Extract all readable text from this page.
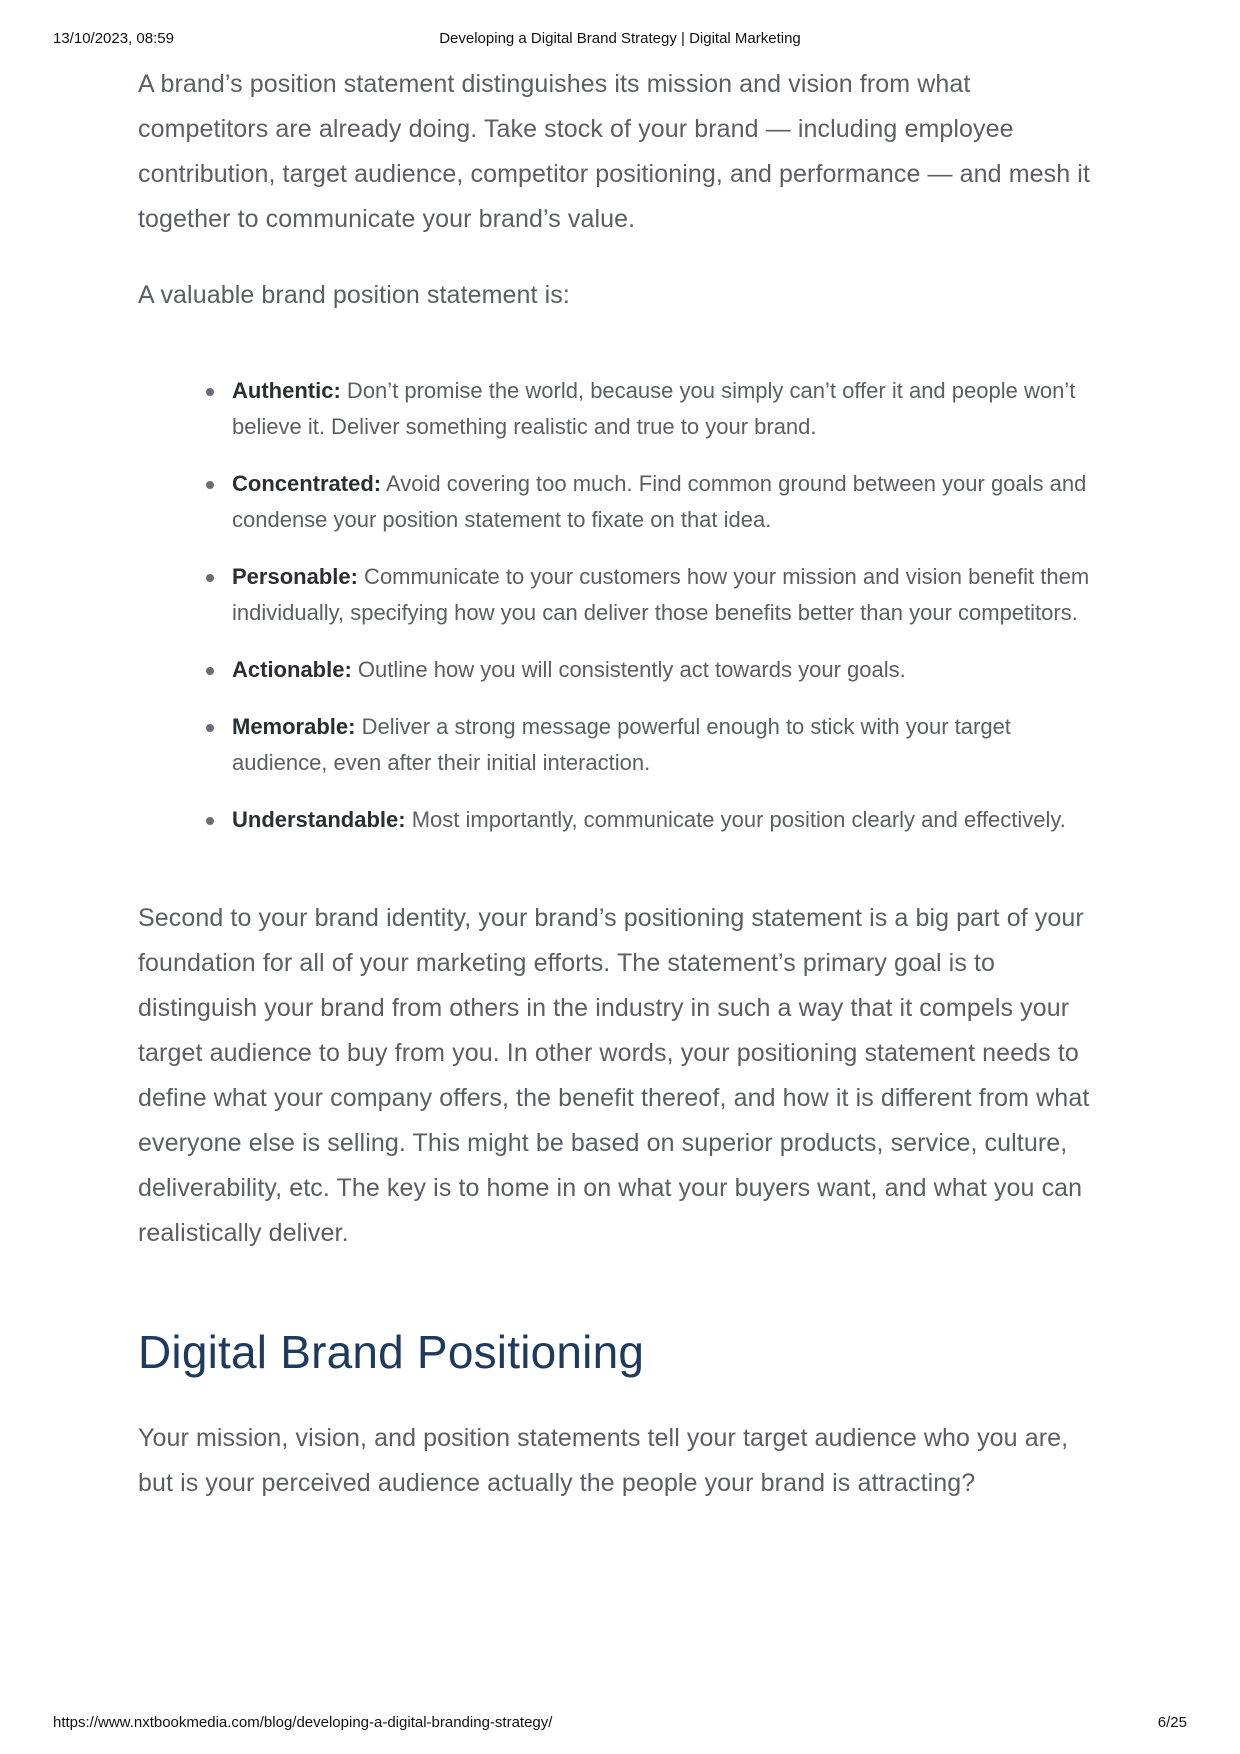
13/10/2023, 08:59	Developing a Digital Brand Strategy | Digital Marketing

A brand’s position statement distinguishes its mission and vision from what competitors are already doing. Take stock of your brand — including employee contribution, target audience, competitor positioning, and performance — and mesh it together to communicate your brand’s value.

A valuable brand position statement is:

Authentic: Don’t promise the world, because you simply can’t offer it and people won’t believe it. Deliver something realistic and true to your brand.
Concentrated: Avoid covering too much. Find common ground between your goals and condense your position statement to fixate on that idea.
Personable: Communicate to your customers how your mission and vision benefit them individually, specifying how you can deliver those benefits better than your competitors.
Actionable: Outline how you will consistently act towards your goals.
Memorable: Deliver a strong message powerful enough to stick with your target audience, even after their initial interaction.
Understandable: Most importantly, communicate your position clearly and effectively.

Second to your brand identity, your brand’s positioning statement is a big part of your foundation for all of your marketing efforts. The statement’s primary goal is to distinguish your brand from others in the industry in such a way that it compels your target audience to buy from you. In other words, your positioning statement needs to define what your company offers, the benefit thereof, and how it is different from what everyone else is selling. This might be based on superior products, service, culture, deliverability, etc. The key is to home in on what your buyers want, and what you can realistically deliver.

Digital Brand Positioning

Your mission, vision, and position statements tell your target audience who you are, but is your perceived audience actually the people your brand is attracting?

https://www.nxtbookmedia.com/blog/developing-a-digital-branding-strategy/	6/25
